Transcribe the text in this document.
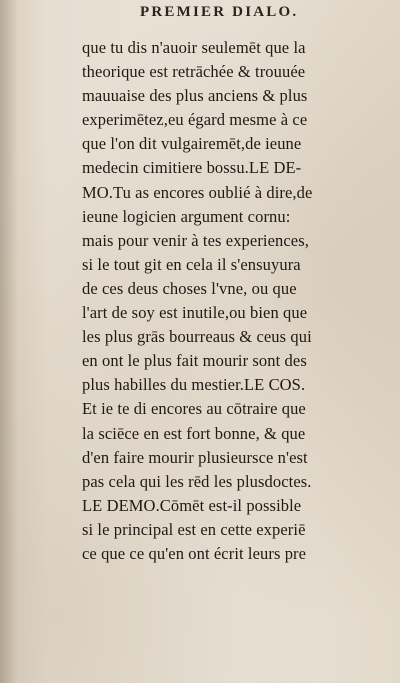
PREMIER DIALO.
que tu dis n'auoir seulemēt que la
theorique est retrāchée & trouuée
mauuaise des plus anciens & plus
experimētez,eu égard mesme à ce
que l'on dit vulgairemēt,de ieune
medecin cimitiere bossu.LE DE-
MO.Tu as encores oublié à dire,de
ieune logicien argument cornu:
mais pour venir à tes experiences,
si le tout git en cela il s'ensuyura
de ces deus choses l'vne, ou que
l'art de soy est inutile,ou bien que
les plus grās bourreaus & ceus qui
en ont le plus fait mourir sont des
plus habilles du mestier.LE COS.
Et ie te di encores au cōtraire que
la sciēce en est fort bonne, & que
d'en faire mourir plusieursce n'est
pas cela qui les rēd les plusdoctes.
LE DEMO.Cōmēt est-il possible
si le principal est en cette experiē
ce que ce qu'en ont écrit leurs pre
